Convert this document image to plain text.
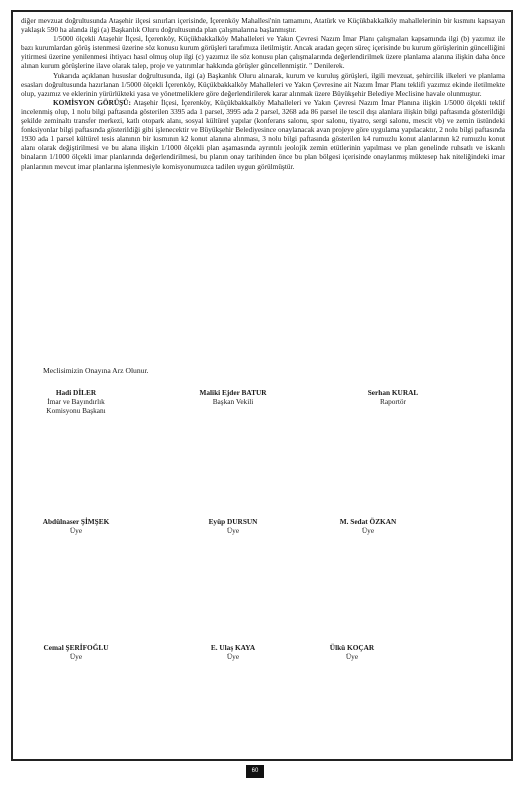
diğer mevzuat doğrultusunda Ataşehir ilçesi sınırları içerisinde, İçerenköy Mahallesi'nin tamamını, Atatürk ve Küçükbakkalköy mahallelerinin bir kısmını kapsayan yaklaşık 590 ha alanda ilgi (a) Başkanlık Oluru doğrultusunda plan çalışmalarına başlanmıştır.

1/5000 ölçekli Ataşehir İlçesi, İçerenköy, Küçükbakkalköy Mahalleleri ve Yakın Çevresi Nazım İmar Planı çalışmaları kapsamında ilgi (b) yazımız ile bazı kurumlardan görüş istenmesi üzerine söz konusu kurum görüşleri tarafımıza iletilmiştir. Ancak aradan geçen süreç içerisinde bu kurum görüşlerinin güncelliğini yitirmesi üzerine yenilenmesi ihtiyacı hasıl olmuş olup ilgi (c) yazımız ile söz konusu plan çalışmalarında değerlendirilmek üzere planlama alanına ilişkin daha önce alınan kurum görüşlerine ilave olarak talep, proje ve yatırımlar hakkında görüşler güncellenmiştir. " Denilerek.

Yukarıda açıklanan hususlar doğrultusunda, ilgi (a) Başkanlık Oluru alınarak, kurum ve kuruluş görüşleri, ilgili mevzuat, şehircilik ilkeleri ve planlama esasları doğrultusunda hazırlanan 1/5000 ölçekli İçerenköy, Küçükbakkalköy Mahalleleri ve Yakın Çevresine ait Nazım İmar Planı teklifi yazımız ekinde iletilmekte olup, yazımız ve eklerinin yürürlükteki yasa ve yönetmeliklere göre değerlendirilerek karar alınmak üzere Büyükşehir Belediye Meclisine havale olunmuştur.

KOMİSYON GÖRÜŞÜ: Ataşehir İlçesi, İçerenköy, Küçükbakkalköy Mahalleleri ve Yakın Çevresi Nazım İmar Planına ilişkin 1/5000 ölçekli teklif incelenmiş olup, 1 nolu bilgi paftasında gösterilen 3395 ada 1 parsel, 3995 ada 2 parsel, 3268 ada 86 parsel ile tescil dışı alanlara ilişkin bilgi paftasında gösterildiği şekilde zeminaltı transfer merkezi, katlı otopark alanı, sosyal kültürel yapılar (konferans salonu, spor salonu, tiyatro, sergi salonu, mescit vb) ve zemin üstündeki fonksiyonlar bilgi paftasında gösterildiği gibi işlenecektir ve Büyükşehir Belediyesince onaylanacak avan projeye göre uygulama yapılacaktır, 2 nolu bilgi paftasında 1930 ada 1 parsel kültürel tesis alanının bir kısmının k2 konut alanına alınması, 3 nolu bilgi paftasında gösterilen k4 rumuzlu konut alanlarının k2 rumuzlu konut alanı olarak değiştirilmesi ve bu alana ilişkin 1/1000 ölçekli plan aşamasında ayrıntılı jeolojik zemin etütlerinin yapılması ve plan genelinde ruhsatlı ve iskanlı binaların 1/1000 ölçekli imar planlarında değerlendirilmesi, bu planın onay tarihinden önce bu plan bölgesi içerisinde onaylanmış müktesep hak niteliğindeki imar planlarının mevcut imar planlarına işlenmesiyle komisyonumuzca tadilen uygun görülmüştür.

Meclisimizin Onayına Arz Olunur.
Hadi DİLER
İmar ve Bayındırlık
Komisyonu Başkanı
Maliki Ejder BATUR
Başkan Vekili
Serhan KURAL
Raportör
Abdülnaser ŞİMŞEK
Üye
Eyüp DURSUN
Üye
M. Sedat ÖZKAN
Üye
Cemal ŞERİFOĞLU
Üye
E. Ulaş KAYA
Üye
Ülkü KOÇAR
Üye
60
